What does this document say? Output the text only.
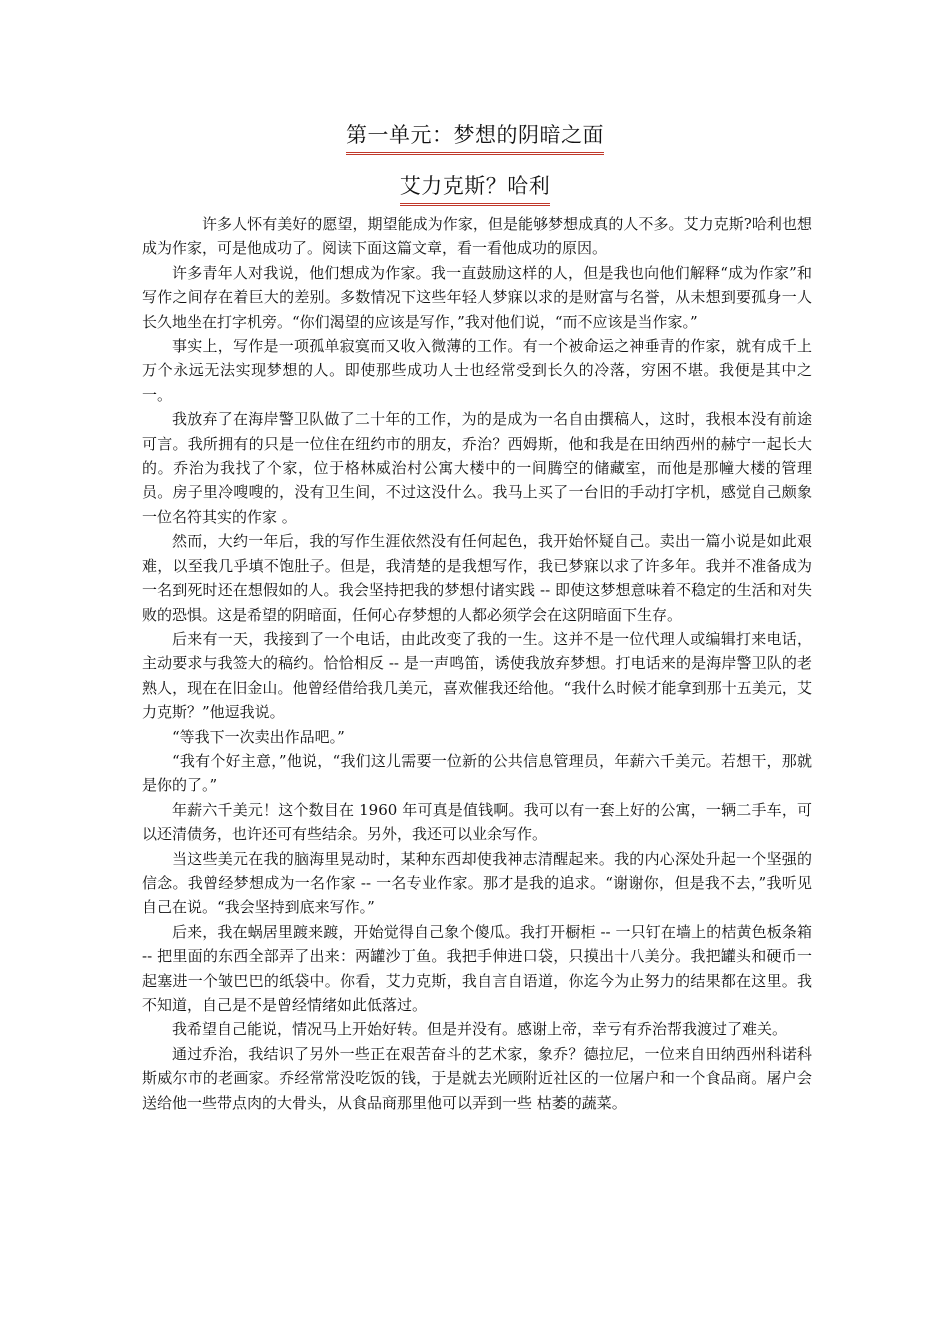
第一单元：梦想的阴暗之面
艾力克斯？哈利

许多人怀有美好的愿望，期望能成为作家，但是能够梦想成真的人不多。艾力克斯?哈利也想成为作家，可是他成功了。阅读下面这篇文章，看一看他成功的原因。

许多青年人对我说，他们想成为作家。我一直鼓励这样的人，但是我也向他们解释“成为作家”和写作之间存在着巨大的差别。多数情况下这些年轻人梦寐以求的是财富与名誉，从未想到要孤身一人长久地坐在打字机旁。“你们渴望的应该是写作，”我对他们说，“而不应该是当作家。”

事实上，写作是一项孤单寂寞而又收入微薄的工作。有一个被命运之神垂青的作家，就有成千上万个永远无法实现梦想的人。即使那些成功人士也经常受到长久的冷落，穷困不堪。我便是其中之一。

我放弃了在海岸警卫队做了二十年的工作，为的是成为一名自由撰稿人，这时，我根本没有前途可言。我所拥有的只是一位住在纽约市的朋友，乔治？西姆斯，他和我是在田纳西州的赫宁一起长大的。乔治为我找了个家，位于格林威治村公寓大楼中的一间腾空的储藏室，而他是那幢大楼的管理员。房子里冷嗖嗖的，没有卫生间，不过这没什么。我马上买了一台旧的手动打字机，感觉自己颇象一位名符其实的作家 。

然而，大约一年后，我的写作生涯依然没有任何起色，我开始怀疑自己。卖出一篇小说是如此艰难，以至我几乎填不饱肚子。但是，我清楚的是我想写作，我已梦寐以求了许多年。我并不准备成为一名到死时还在想假如的人。我会坚持把我的梦想付诸实践 -- 即使这梦想意味着不稳定的生活和对失败的恐惧。这是希望的阴暗面，任何心存梦想的人都必须学会在这阴暗面下生存。

后来有一天，我接到了一个电话，由此改变了我的一生。这并不是一位代理人或编辑打来电话，主动要求与我签大的稿约。恰恰相反 -- 是一声鸣笛，诱使我放弃梦想。打电话来的是海岸警卫队的老熟人，现在在旧金山。他曾经借给我几美元，喜欢催我还给他。“我什么时候才能拿到那十五美元，艾力克斯？”他逗我说。

“等我下一次卖出作品吧。”

“我有个好主意，”他说，“我们这儿需要一位新的公共信息管理员，年薪六千美元。若想干，那就是你的了。”

年薪六千美元！这个数目在 1960 年可真是值钱啊。我可以有一套上好的公寓，一辆二手车，可以还清债务，也许还可有些结余。另外，我还可以业余写作。

当这些美元在我的脑海里晃动时，某种东西却使我神志清醒起来。我的内心深处升起一个坚强的信念。我曾经梦想成为一名作家 -- 一名专业作家。那才是我的追求。“谢谢你，但是我不去，”我听见自己在说。“我会坚持到底来写作。”

后来，我在蜗居里踱来踱，开始觉得自己象个傻瓜。我打开橱柜 -- 一只钉在墙上的桔黄色板条箱 -- 把里面的东西全部弄了出来：两罐沙丁鱼。我把手伸进口袋，只摸出十八美分。我把罐头和硬币一起塞进一个皱巴巴的纸袋中。你看，艾力克斯，我自言自语道，你迄今为止努力的结果都在这里。我不知道，自己是不是曾经情绪如此低落过。

我希望自己能说，情况马上开始好转。但是并没有。感谢上帝，幸亏有乔治帮我渡过了难关。

通过乔治，我结识了另外一些正在艰苦奋斗的艺术家，象乔？德拉尼，一位来自田纳西州科诺科斯威尔市的老画家。乔经常常没吃饭的钱，于是就去光顾附近社区的一位屠户和一个食品商。屠户会送给他一些带点肉的大骨头，从食品商那里他可以弄到一些 枯萎的蔬菜。
